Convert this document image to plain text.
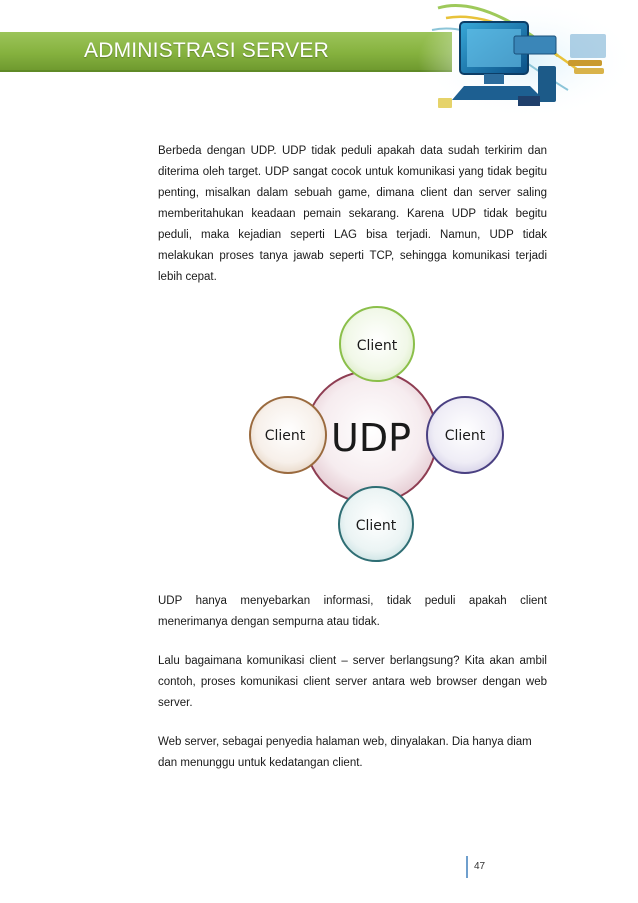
ADMINISTRASI SERVER
Berbeda dengan UDP. UDP tidak peduli apakah data sudah terkirim dan diterima oleh target. UDP sangat cocok untuk komunikasi yang tidak begitu penting, misalkan dalam sebuah game, dimana client dan server saling memberitahukan keadaan pemain sekarang. Karena UDP tidak begitu peduli, maka kejadian seperti LAG bisa terjadi. Namun, UDP tidak melakukan proses tanya jawab seperti TCP, sehingga komunikasi terjadi lebih cepat.
UDP
Client
Client
Client
Client
UDP hanya menyebarkan informasi, tidak peduli apakah client menerimanya dengan sempurna atau tidak.
Lalu bagaimana komunikasi client – server berlangsung? Kita akan ambil contoh, proses komunikasi client server antara web browser dengan web server.
Web server, sebagai penyedia halaman web, dinyalakan. Dia hanya diam dan menunggu untuk kedatangan client.
47
